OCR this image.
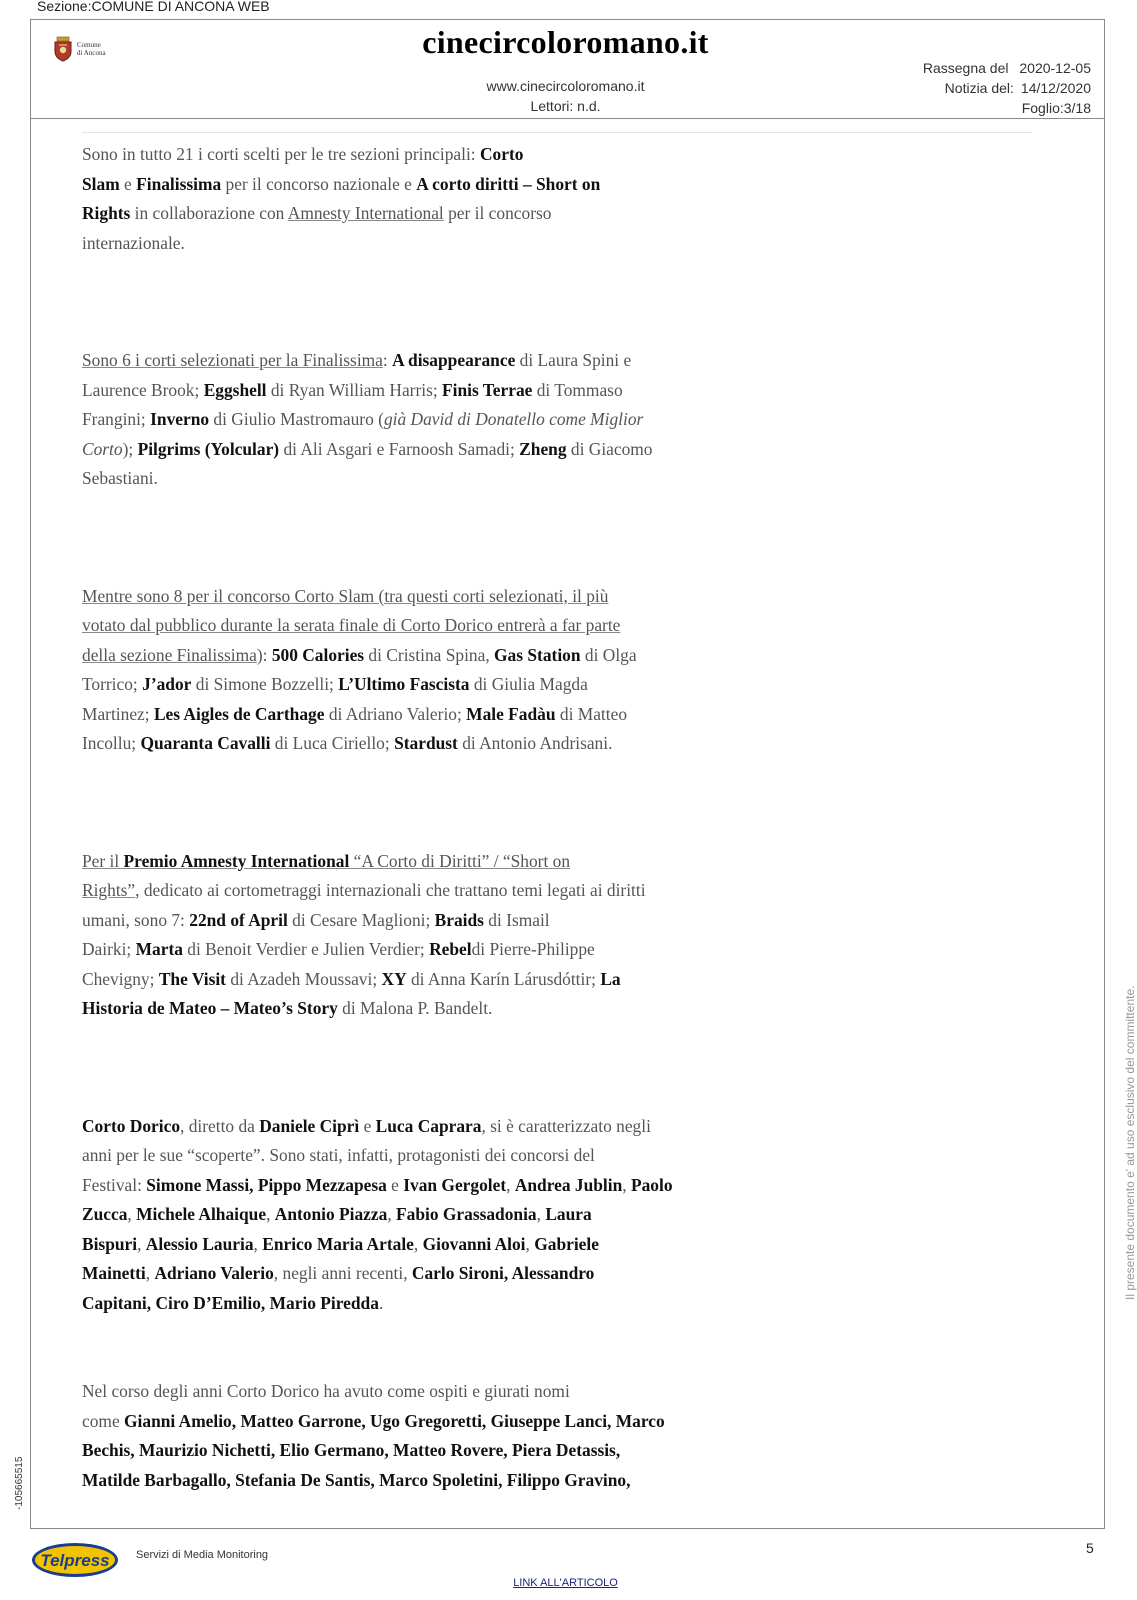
Sezione:COMUNE DI ANCONA WEB
Comune
di Ancona	cinecircoloromano.it
www.cinecircoloromano.it
Lettori: n.d.
Rassegna del  2020-12-05
Notizia del: 14/12/2020
Foglio:3/18

Sono in tutto 21 i corti scelti per le tre sezioni principali: Corto
Slam e Finalissima per il concorso nazionale e A corto diritti – Short on
Rights in collaborazione con Amnesty International per il concorso
internazionale.

Sono 6 i corti selezionati per la Finalissima: A disappearance di Laura Spini e
Laurence Brook; Eggshell di Ryan William Harris; Finis Terrae di Tommaso
Frangini; Inverno di Giulio Mastromauro (già David di Donatello come Miglior
Corto); Pilgrims (Yolcular) di Ali Asgari e Farnoosh Samadi; Zheng di Giacomo
Sebastiani.

Mentre sono 8 per il concorso Corto Slam (tra questi corti selezionati, il più
votato dal pubblico durante la serata finale di Corto Dorico entrerà a far parte
della sezione Finalissima): 500 Calories di Cristina Spina, Gas Station di Olga
Torrico; J’ador di Simone Bozzelli; L’Ultimo Fascista di Giulia Magda
Martinez; Les Aigles de Carthage di Adriano Valerio; Male Fadàu di Matteo
Incollu; Quaranta Cavalli di Luca Ciriello; Stardust di Antonio Andrisani.

Per il Premio Amnesty International “A Corto di Diritti” / “Short on
Rights”, dedicato ai cortometraggi internazionali che trattano temi legati ai diritti
umani, sono 7: 22nd of April di Cesare Maglioni; Braids di Ismail
Dairki; Marta di Benoit Verdier e Julien Verdier; Rebeldi Pierre-Philippe
Chevigny; The Visit di Azadeh Moussavi; XY di Anna Karín Lárusdóttir; La
Historia de Mateo – Mateo’s Story di Malona P. Bandelt.

Corto Dorico, diretto da Daniele Ciprì e Luca Caprara, si è caratterizzato negli
anni per le sue “scoperte”. Sono stati, infatti, protagonisti dei concorsi del
Festival: Simone Massi, Pippo Mezzapesa e Ivan Gergolet, Andrea Jublin, Paolo
Zucca, Michele Alhaique, Antonio Piazza, Fabio Grassadonia, Laura
Bispuri, Alessio Lauria, Enrico Maria Artale, Giovanni Aloi, Gabriele
Mainetti, Adriano Valerio, negli anni recenti, Carlo Sironi, Alessandro
Capitani, Ciro D’Emilio, Mario Piredda.

Nel corso degli anni Corto Dorico ha avuto come ospiti e giurati nomi
come Gianni Amelio, Matteo Garrone, Ugo Gregoretti, Giuseppe Lanci, Marco
Bechis, Maurizio Nichetti, Elio Germano, Matteo Rovere, Piera Detassis,
Matilde Barbagallo, Stefania De Santis, Marco Spoletini, Filippo Gravino,

Il presente documento e' ad uso esclusivo del committente.
-105665515
5
Telpress Servizi di Media Monitoring
LINK ALL'ARTICOLO
